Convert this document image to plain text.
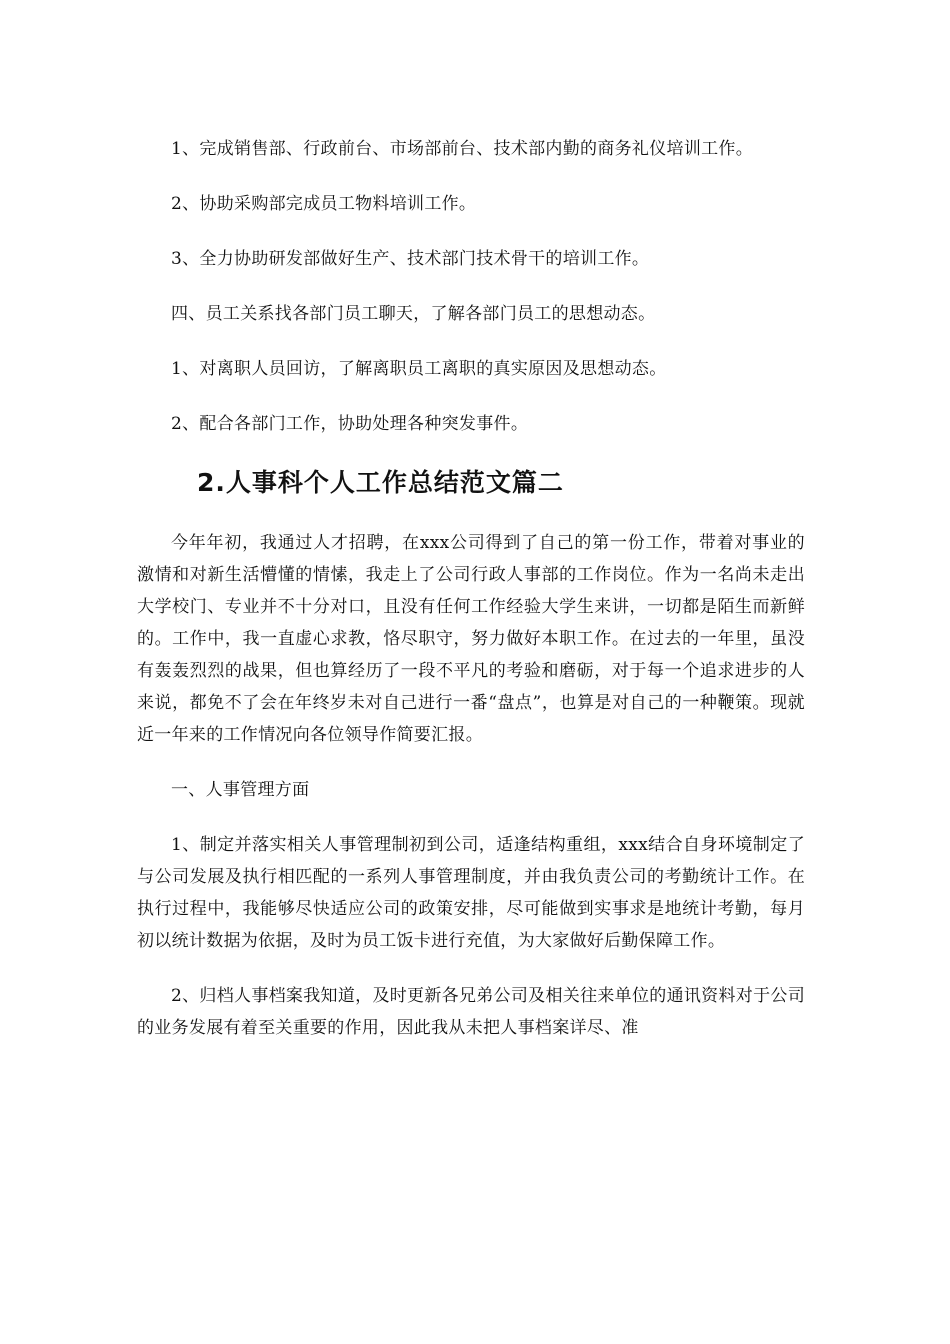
1、完成销售部、行政前台、市场部前台、技术部内勤的商务礼仪培训工作。

2、协助采购部完成员工物料培训工作。

3、全力协助研发部做好生产、技术部门技术骨干的培训工作。

四、员工关系找各部门员工聊天，了解各部门员工的思想动态。

1、对离职人员回访，了解离职员工离职的真实原因及思想动态。

2、配合各部门工作，协助处理各种突发事件。

2.人事科个人工作总结范文篇二

今年年初，我通过人才招聘，在xxx公司得到了自己的第一份工作，带着对事业的激情和对新生活懵懂的情愫，我走上了公司行政人事部的工作岗位。作为一名尚未走出大学校门、专业并不十分对口，且没有任何工作经验大学生来讲，一切都是陌生而新鲜的。工作中，我一直虚心求教，恪尽职守，努力做好本职工作。在过去的一年里，虽没有轰轰烈烈的战果，但也算经历了一段不平凡的考验和磨砺，对于每一个追求进步的人来说，都免不了会在年终岁未对自己进行一番“盘点”，也算是对自己的一种鞭策。现就近一年来的工作情况向各位领导作简要汇报。

一、人事管理方面

1、制定并落实相关人事管理制初到公司，适逢结构重组，xxx结合自身环境制定了与公司发展及执行相匹配的一系列人事管理制度，并由我负责公司的考勤统计工作。在执行过程中，我能够尽快适应公司的政策安排，尽可能做到实事求是地统计考勤，每月初以统计数据为依据，及时为员工饭卡进行充值，为大家做好后勤保障工作。

2、归档人事档案我知道，及时更新各兄弟公司及相关往来单位的通讯资料对于公司的业务发展有着至关重要的作用，因此我从未把人事档案详尽、准
